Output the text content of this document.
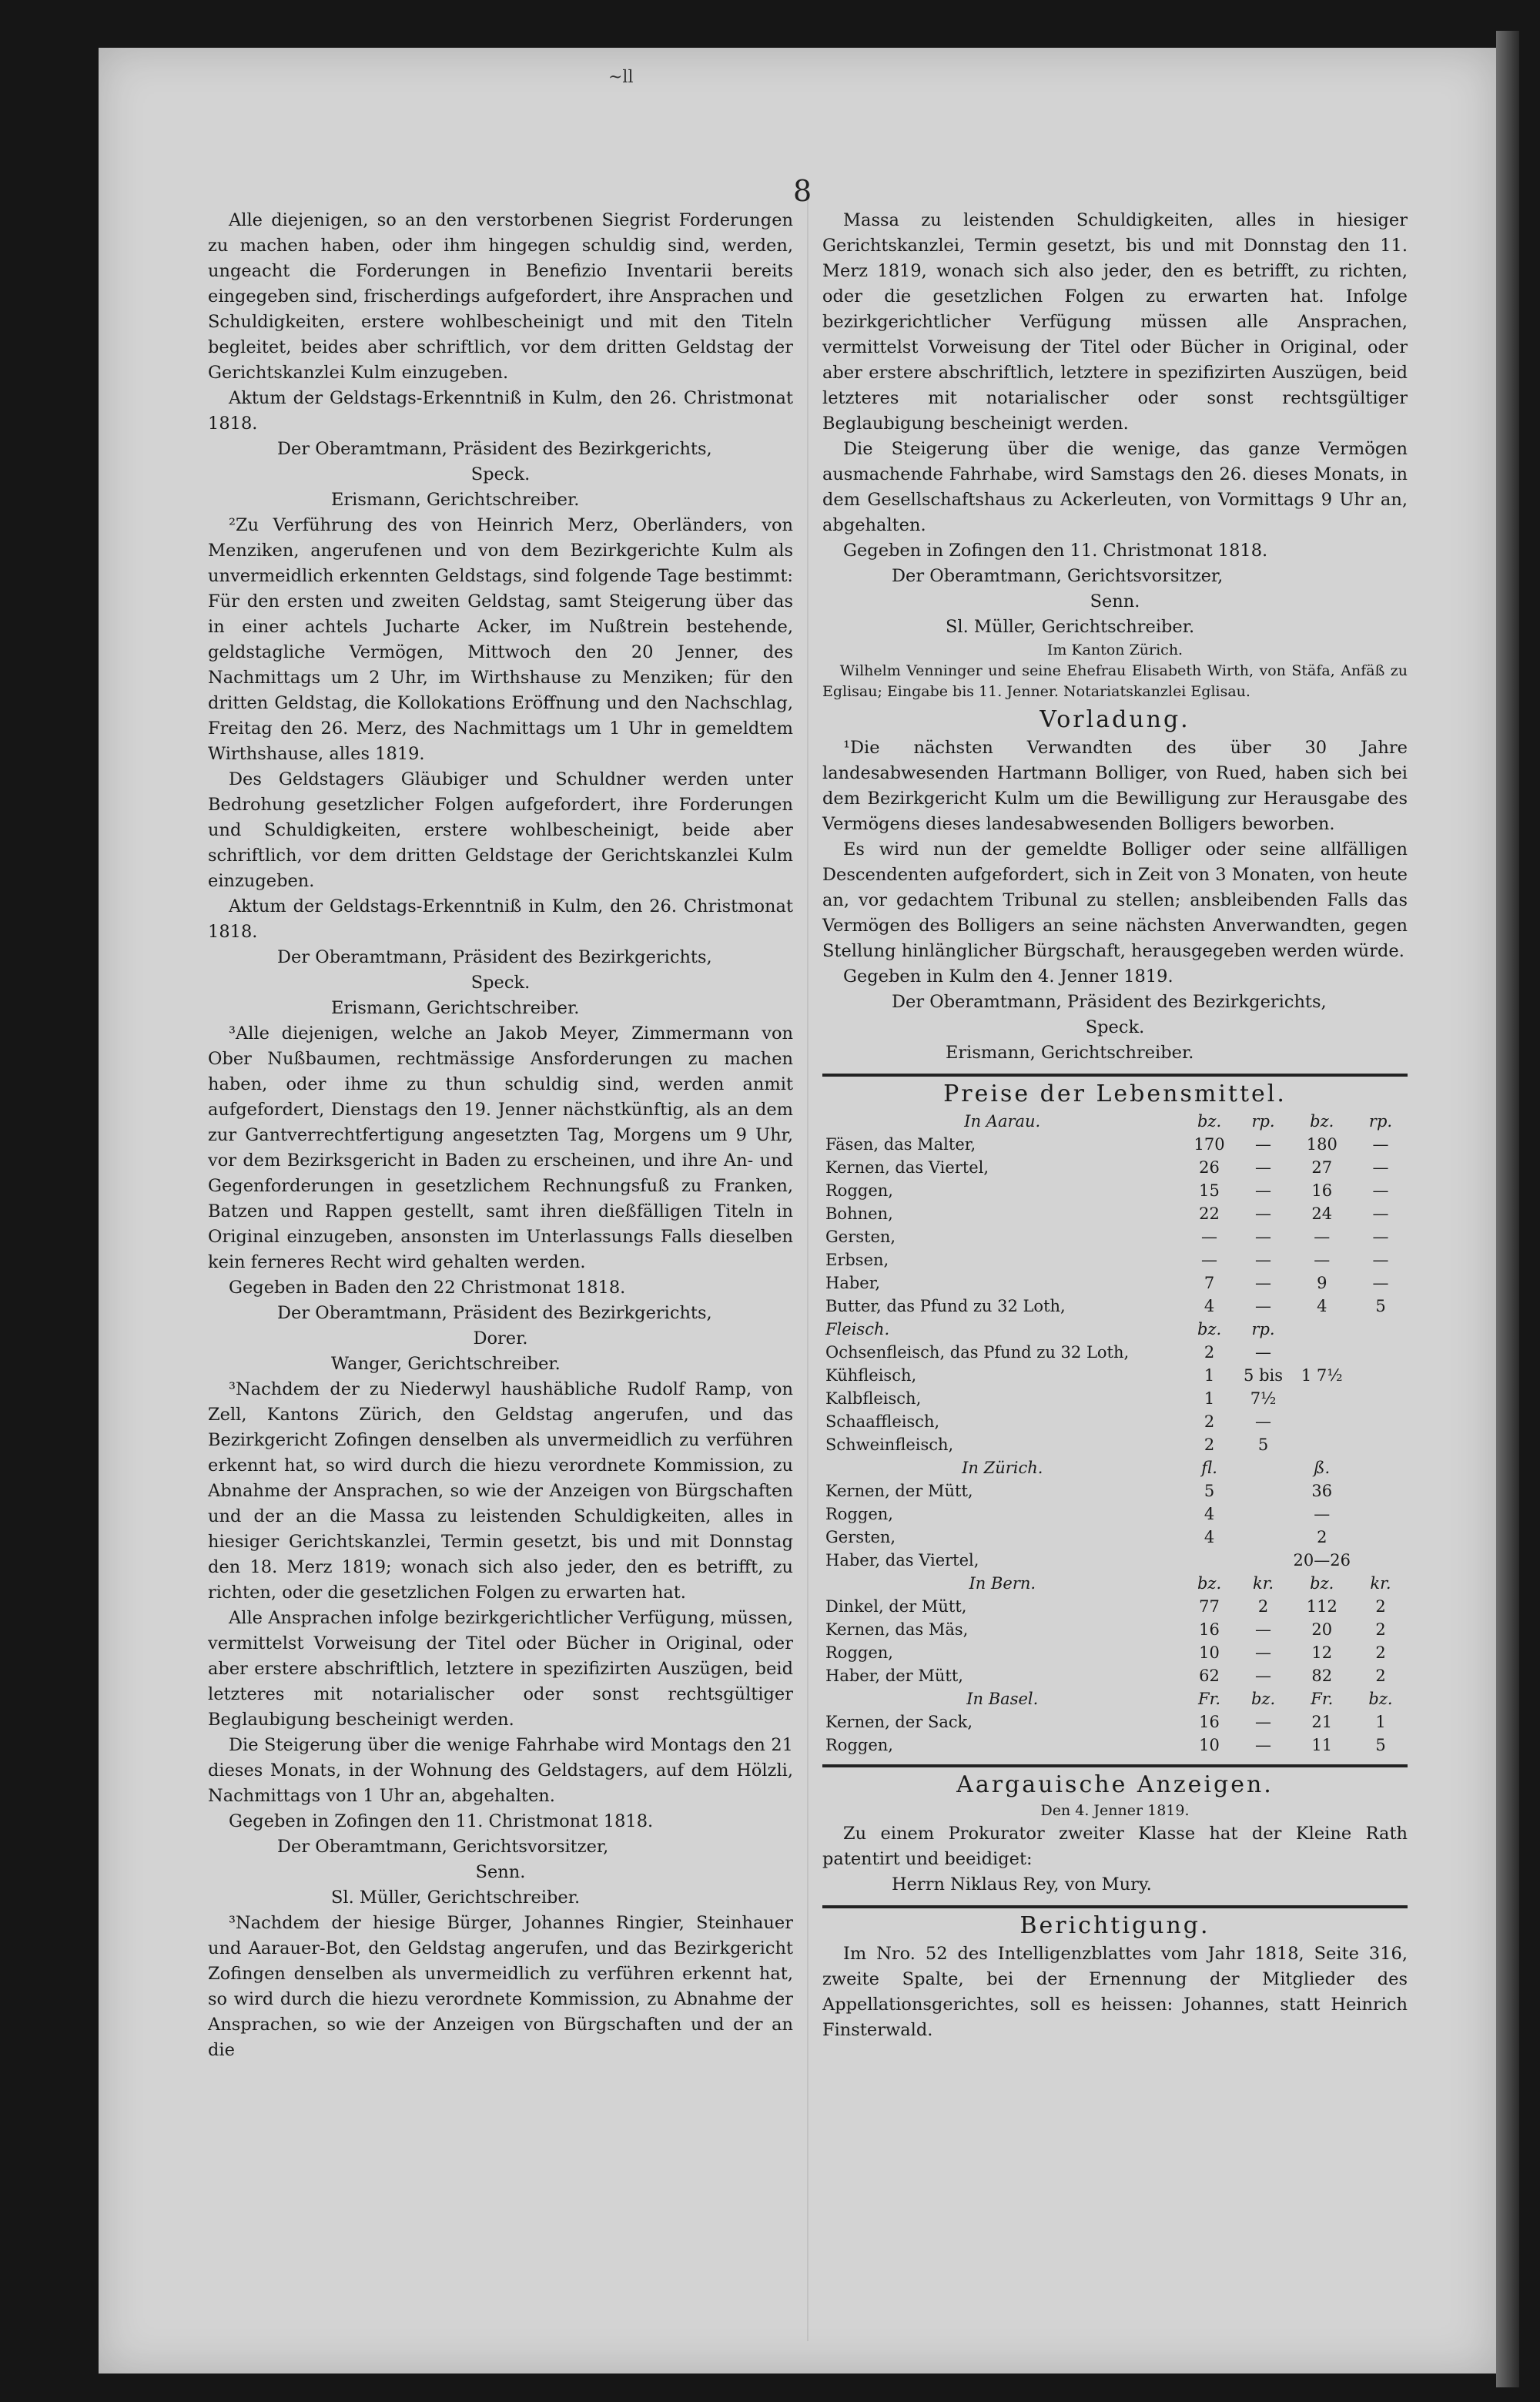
~ll
8

Alle diejenigen, so an den verstorbenen Siegrist Forderungen zu machen haben, oder ihm hingegen schuldig sind, werden, ungeacht die Forderungen in Benefizio Inventarii bereits eingegeben sind, frischerdings aufgefordert, ihre Ansprachen und Schuldigkeiten, erstere wohlbescheinigt und mit den Titeln begleitet, beides aber schriftlich, vor dem dritten Geldstag der Gerichtskanzlei Kulm einzugeben.

Aktum der Geldstags-Erkenntniß in Kulm, den 26. Christmonat 1818.

Der Oberamtmann, Präsident des Bezirkgerichts,

Speck.

Erismann, Gerichtschreiber.

²Zu Verführung des von Heinrich Merz, Oberländers, von Menziken, angerufenen und von dem Bezirkgerichte Kulm als unvermeidlich erkennten Geldstags, sind folgende Tage bestimmt: Für den ersten und zweiten Geldstag, samt Steigerung über das in einer achtels Jucharte Acker, im Nußtrein bestehende, geldstagliche Vermögen, Mittwoch den 20 Jenner, des Nachmittags um 2 Uhr, im Wirthshause zu Menziken; für den dritten Geldstag, die Kollokations Eröffnung und den Nachschlag, Freitag den 26. Merz, des Nachmittags um 1 Uhr in gemeldtem Wirthshause, alles 1819.

Des Geldstagers Gläubiger und Schuldner werden unter Bedrohung gesetzlicher Folgen aufgefordert, ihre Forderungen und Schuldigkeiten, erstere wohlbescheinigt, beide aber schriftlich, vor dem dritten Geldstage der Gerichtskanzlei Kulm einzugeben.

Aktum der Geldstags-Erkenntniß in Kulm, den 26. Christmonat 1818.

Der Oberamtmann, Präsident des Bezirkgerichts,

Speck.

Erismann, Gerichtschreiber.

³Alle diejenigen, welche an Jakob Meyer, Zimmermann von Ober Nußbaumen, rechtmässige Ansforderungen zu machen haben, oder ihme zu thun schuldig sind, werden anmit aufgefordert, Dienstags den 19. Jenner nächstkünftig, als an dem zur Gantverrechtfertigung angesetzten Tag, Morgens um 9 Uhr, vor dem Bezirksgericht in Baden zu erscheinen, und ihre An- und Gegenforderungen in gesetzlichem Rechnungsfuß zu Franken, Batzen und Rappen gestellt, samt ihren dießfälligen Titeln in Original einzugeben, ansonsten im Unterlassungs Falls dieselben kein ferneres Recht wird gehalten werden.

Gegeben in Baden den 22 Christmonat 1818.

Der Oberamtmann, Präsident des Bezirkgerichts,

Dorer.

Wanger, Gerichtschreiber.

³Nachdem der zu Niederwyl haushäbliche Rudolf Ramp, von Zell, Kantons Zürich, den Geldstag angerufen, und das Bezirkgericht Zofingen denselben als unvermeidlich zu verführen erkennt hat, so wird durch die hiezu verordnete Kommission, zu Abnahme der Ansprachen, so wie der Anzeigen von Bürgschaften und der an die Massa zu leistenden Schuldigkeiten, alles in hiesiger Gerichtskanzlei, Termin gesetzt, bis und mit Donnstag den 18. Merz 1819; wonach sich also jeder, den es betrifft, zu richten, oder die gesetzlichen Folgen zu erwarten hat.

Alle Ansprachen infolge bezirkgerichtlicher Verfügung, müssen, vermittelst Vorweisung der Titel oder Bücher in Original, oder aber erstere abschriftlich, letztere in spezifizirten Auszügen, beid letzteres mit notarialischer oder sonst rechtsgültiger Beglaubigung bescheinigt werden.

Die Steigerung über die wenige Fahrhabe wird Montags den 21 dieses Monats, in der Wohnung des Geldstagers, auf dem Hölzli, Nachmittags von 1 Uhr an, abgehalten.

Gegeben in Zofingen den 11. Christmonat 1818.

Der Oberamtmann, Gerichtsvorsitzer,

Senn.

Sl. Müller, Gerichtschreiber.

³Nachdem der hiesige Bürger, Johannes Ringier, Steinhauer und Aarauer-Bot, den Geldstag angerufen, und das Bezirkgericht Zofingen denselben als unvermeidlich zu verführen erkennt hat, so wird durch die hiezu verordnete Kommission, zu Abnahme der Ansprachen, so wie der Anzeigen von Bürgschaften und der an die

Massa zu leistenden Schuldigkeiten, alles in hiesiger Gerichtskanzlei, Termin gesetzt, bis und mit Donnstag den 11. Merz 1819, wonach sich also jeder, den es betrifft, zu richten, oder die gesetzlichen Folgen zu erwarten hat. Infolge bezirkgerichtlicher Verfügung müssen alle Ansprachen, vermittelst Vorweisung der Titel oder Bücher in Original, oder aber erstere abschriftlich, letztere in spezifizirten Auszügen, beid letzteres mit notarialischer oder sonst rechtsgültiger Beglaubigung bescheinigt werden.

Die Steigerung über die wenige, das ganze Vermögen ausmachende Fahrhabe, wird Samstags den 26. dieses Monats, in dem Gesellschaftshaus zu Ackerleuten, von Vormittags 9 Uhr an, abgehalten.

Gegeben in Zofingen den 11. Christmonat 1818.

Der Oberamtmann, Gerichtsvorsitzer,

Senn.

Sl. Müller, Gerichtschreiber.

Im Kanton Zürich.

Wilhelm Venninger und seine Ehefrau Elisabeth Wirth, von Stäfa, Anfäß zu Eglisau; Eingabe bis 11. Jenner. Notariatskanzlei Eglisau.

Vorladung.

¹Die nächsten Verwandten des über 30 Jahre landesabwesenden Hartmann Bolliger, von Rued, haben sich bei dem Bezirkgericht Kulm um die Bewilligung zur Herausgabe des Vermögens dieses landesabwesenden Bolligers beworben.

Es wird nun der gemeldte Bolliger oder seine allfälligen Descendenten aufgefordert, sich in Zeit von 3 Monaten, von heute an, vor gedachtem Tribunal zu stellen; ansbleibenden Falls das Vermögen des Bolligers an seine nächsten Anverwandten, gegen Stellung hinlänglicher Bürgschaft, herausgegeben werden würde.

Gegeben in Kulm den 4. Jenner 1819.

Der Oberamtmann, Präsident des Bezirkgerichts,

Speck.

Erismann, Gerichtschreiber.

Preise der Lebensmittel.
In Aarau.	bz.	rp.	bz.	rp.
Fäsen, das Malter,	170	—	180	—
Kernen, das Viertel,	26	—	27	—
Roggen,	15	—	16	—
Bohnen,	22	—	24	—
Gersten,	—	—	—	—
Erbsen,	—	—	—	—
Haber,	7	—	9	—
Butter, das Pfund zu 32 Loth,	4	—	4	5
Fleisch.	bz.	rp.		
Ochsenfleisch, das Pfund zu 32 Loth,	2	—		
Kühfleisch,	1	5 bis	1 7½	
Kalbfleisch,	1	7½		
Schaaffleisch,	2	—		
Schweinfleisch,	2	5		
In Zürich.	fl.		ß.	
Kernen, der Mütt,	5		36	
Roggen,	4		—	
Gersten,	4		2	
Haber, das Viertel,			20—26	
In Bern.	bz.	kr.	bz.	kr.
Dinkel, der Mütt,	77	2	112	2
Kernen, das Mäs,	16	—	20	2
Roggen,	10	—	12	2
Haber, der Mütt,	62	—	82	2
In Basel.	Fr.	bz.	Fr.	bz.
Kernen, der Sack,	16	—	21	1
Roggen,	10	—	11	5
Aargauische Anzeigen.

Den 4. Jenner 1819.

Zu einem Prokurator zweiter Klasse hat der Kleine Rath patentirt und beeidiget:

Herrn Niklaus Rey, von Mury.

Berichtigung.

Im Nro. 52 des Intelligenzblattes vom Jahr 1818, Seite 316, zweite Spalte, bei der Ernennung der Mitglieder des Appellationsgerichtes, soll es heissen: Johannes, statt Heinrich Finsterwald.
